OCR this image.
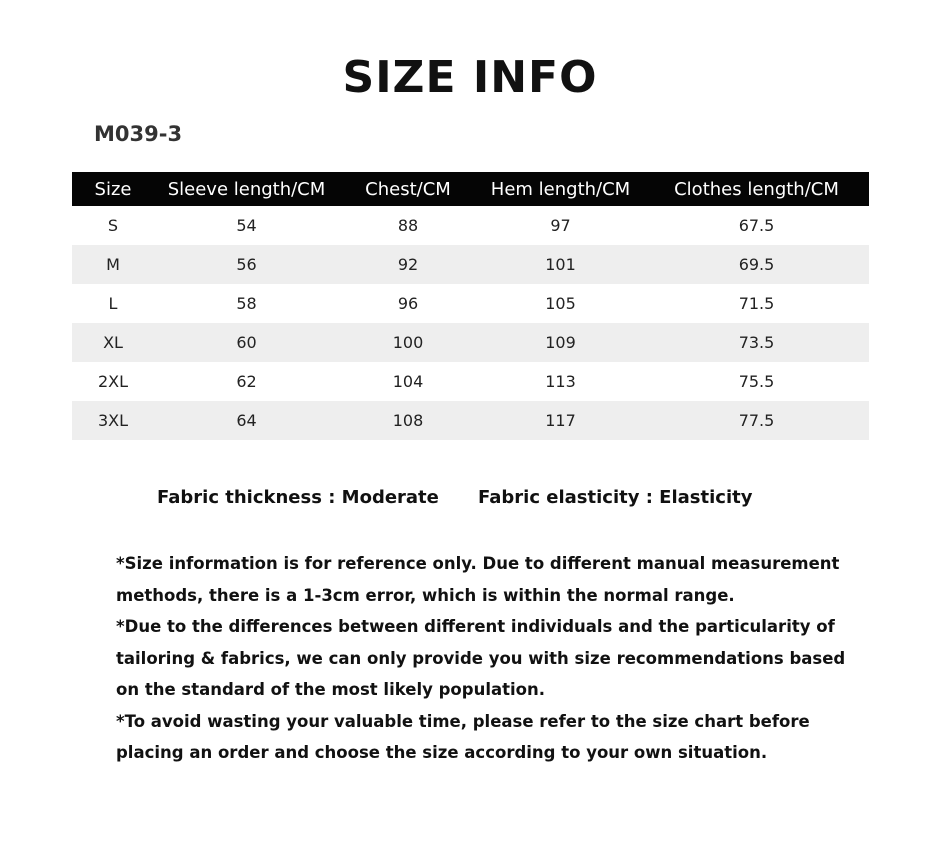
SIZE INFO
M039-3
Size	Sleeve length/CM	Chest/CM	Hem length/CM	Clothes length/CM
S	54	88	97	67.5
M	56	92	101	69.5
L	58	96	105	71.5
XL	60	100	109	73.5
2XL	62	104	113	75.5
3XL	64	108	117	77.5
Fabric thickness : Moderate Fabric elasticity : Elasticity

*Size information is for reference only. Due to different manual measurement methods, there is a 1-3cm error, which is within the normal range.

*Due to the differences between different individuals and the particularity of tailoring & fabrics, we can only provide you with size recommendations based on the standard of the most likely population.

*To avoid wasting your valuable time, please refer to the size chart before placing an order and choose the size according to your own situation.
